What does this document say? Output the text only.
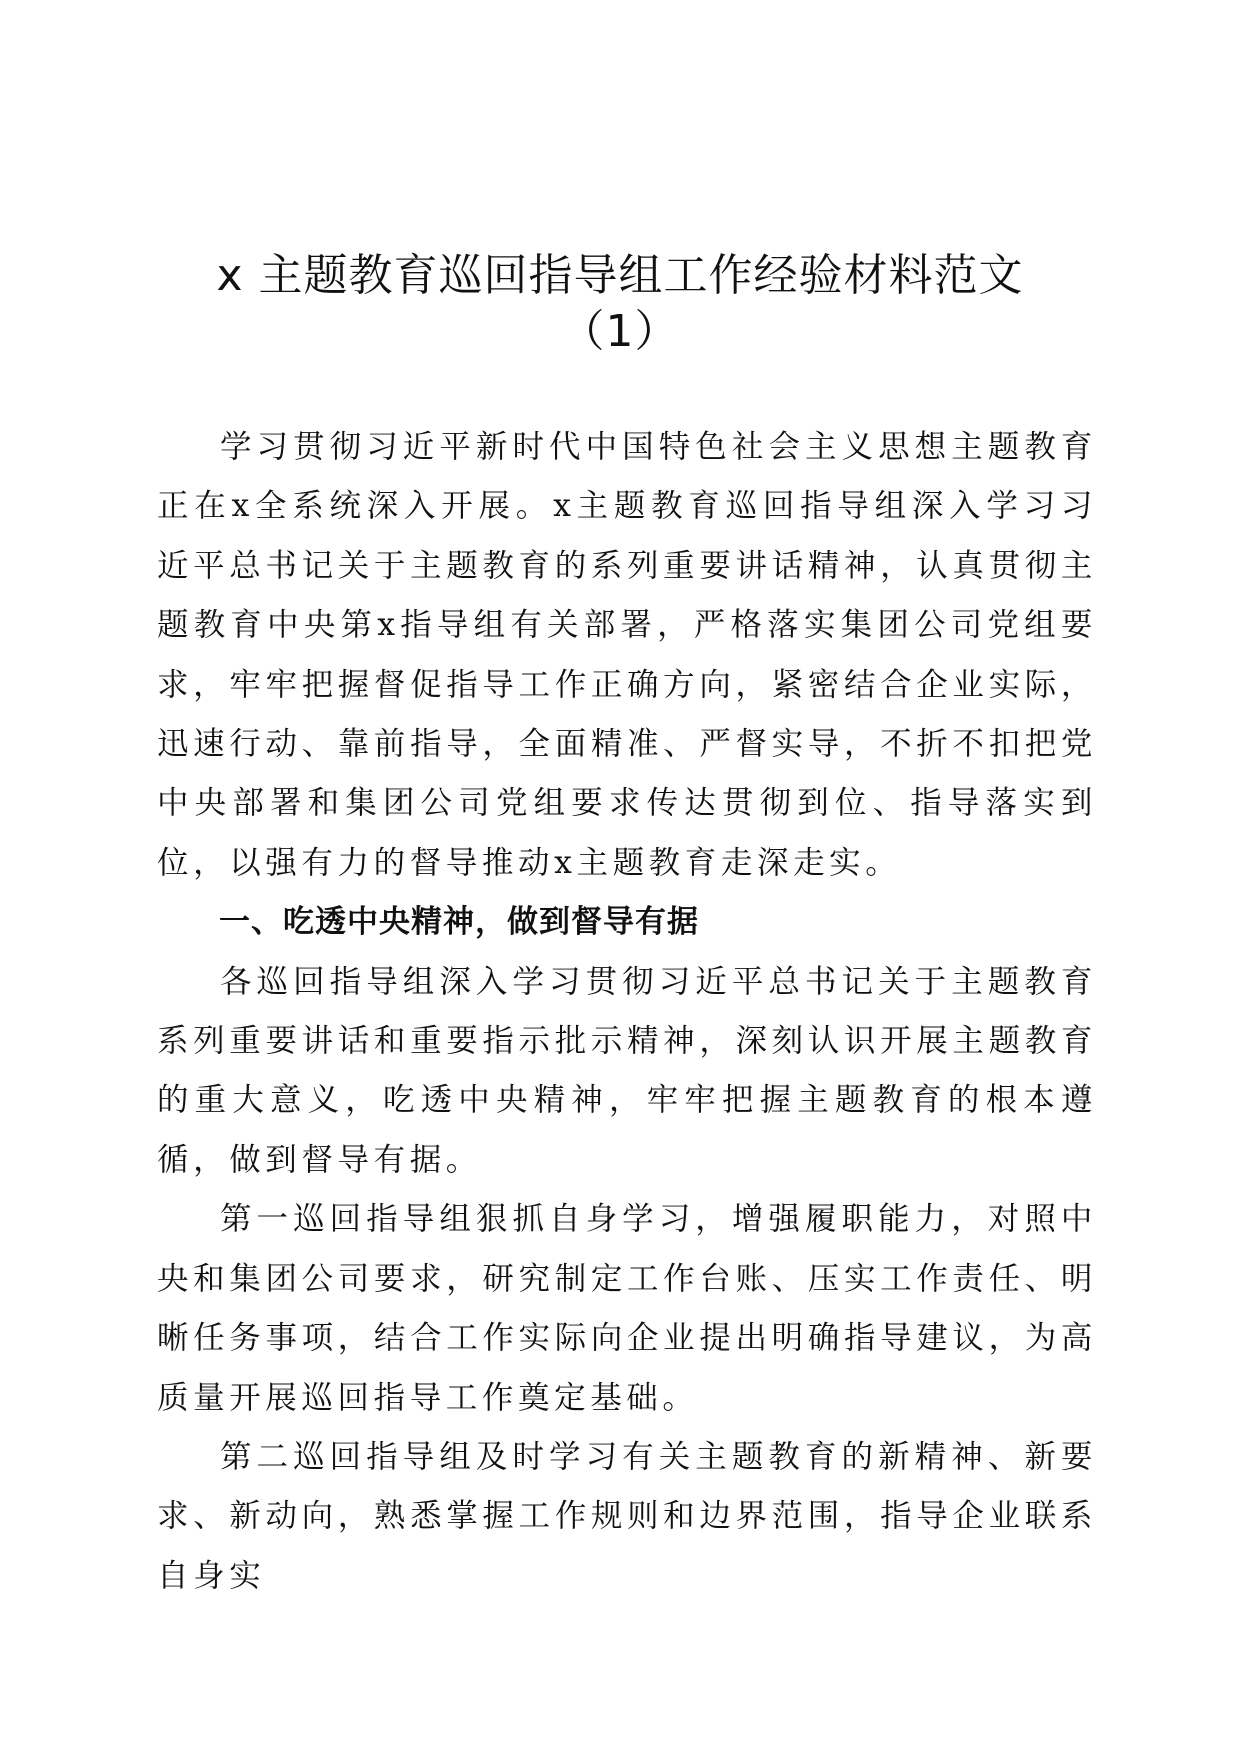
x 主题教育巡回指导组工作经验材料范文
（1）

学习贯彻习近平新时代中国特色社会主义思想主题教育正在x全系统深入开展。x主题教育巡回指导组深入学习习近平总书记关于主题教育的系列重要讲话精神，认真贯彻主题教育中央第x指导组有关部署，严格落实集团公司党组要求，牢牢把握督促指导工作正确方向，紧密结合企业实际，迅速行动、靠前指导，全面精准、严督实导，不折不扣把党中央部署和集团公司党组要求传达贯彻到位、指导落实到位，以强有力的督导推动x主题教育走深走实。

一、吃透中央精神，做到督导有据

各巡回指导组深入学习贯彻习近平总书记关于主题教育系列重要讲话和重要指示批示精神，深刻认识开展主题教育的重大意义，吃透中央精神，牢牢把握主题教育的根本遵循，做到督导有据。

第一巡回指导组狠抓自身学习，增强履职能力，对照中央和集团公司要求，研究制定工作台账、压实工作责任、明晰任务事项，结合工作实际向企业提出明确指导建议，为高质量开展巡回指导工作奠定基础。

第二巡回指导组及时学习有关主题教育的新精神、新要求、新动向，熟悉掌握工作规则和边界范围，指导企业联系自身实
